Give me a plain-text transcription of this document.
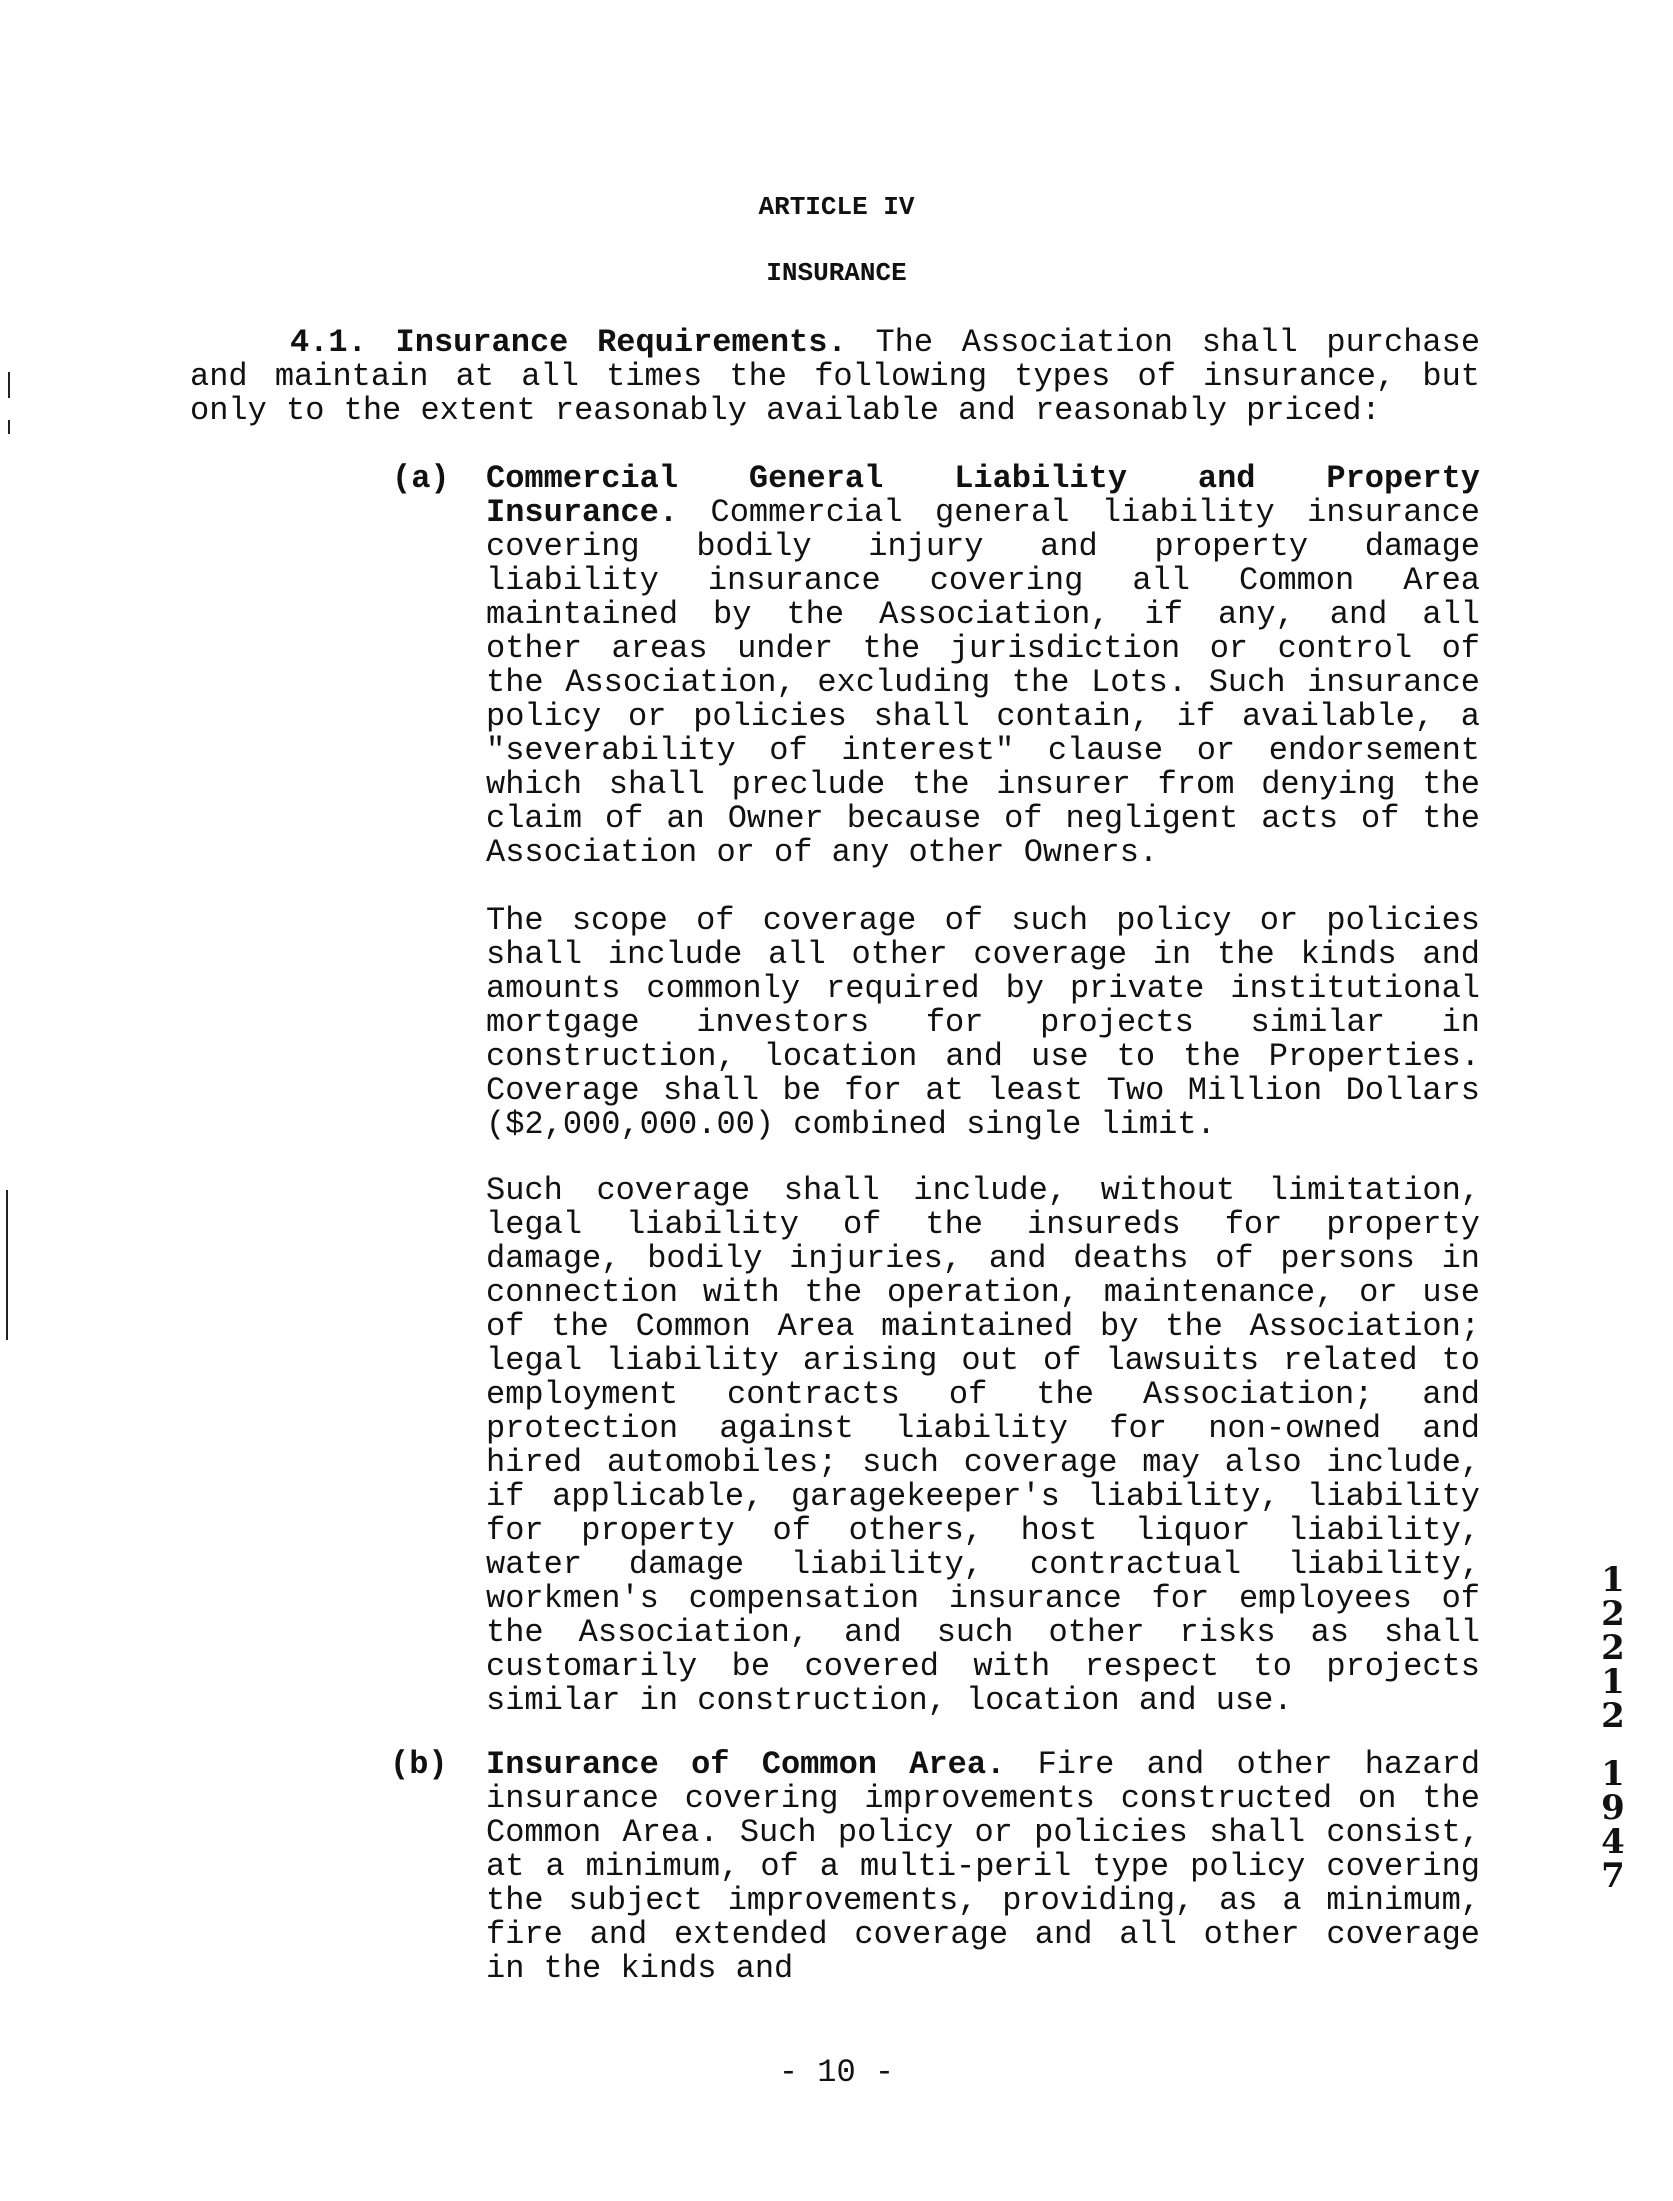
ARTICLE IV
INSURANCE

4.1. Insurance Requirements. The Association shall purchase and maintain at all times the following types of insurance, but only to the extent reasonably available and reasonably priced:

(a) Commercial General Liability and Property Insurance. Commercial general liability insurance covering bodily injury and property damage liability insurance covering all Common Area maintained by the Association, if any, and all other areas under the jurisdiction or control of the Association, excluding the Lots. Such insurance policy or policies shall contain, if available, a "severability of interest" clause or endorsement which shall preclude the insurer from denying the claim of an Owner because of negligent acts of the Association or of any other Owners.

The scope of coverage of such policy or policies shall include all other coverage in the kinds and amounts commonly required by private institutional mortgage investors for projects similar in construction, location and use to the Properties. Coverage shall be for at least Two Million Dollars ($2,000,000.00) combined single limit.

Such coverage shall include, without limitation, legal liability of the insureds for property damage, bodily injuries, and deaths of persons in connection with the operation, maintenance, or use of the Common Area maintained by the Association; legal liability arising out of lawsuits related to employment contracts of the Association; and protection against liability for non-owned and hired automobiles; such coverage may also include, if applicable, garagekeeper's liability, liability for property of others, host liquor liability, water damage liability, contractual liability, workmen's compensation insurance for employees of the Association, and such other risks as shall customarily be covered with respect to projects similar in construction, location and use.

(b) Insurance of Common Area. Fire and other hazard insurance covering improvements constructed on the Common Area. Such policy or policies shall consist, at a minimum, of a multi-peril type policy covering the subject improvements, providing, as a minimum, fire and extended coverage and all other coverage in the kinds and

1
2
2
1
2
1
9
4
7
- 10 -
